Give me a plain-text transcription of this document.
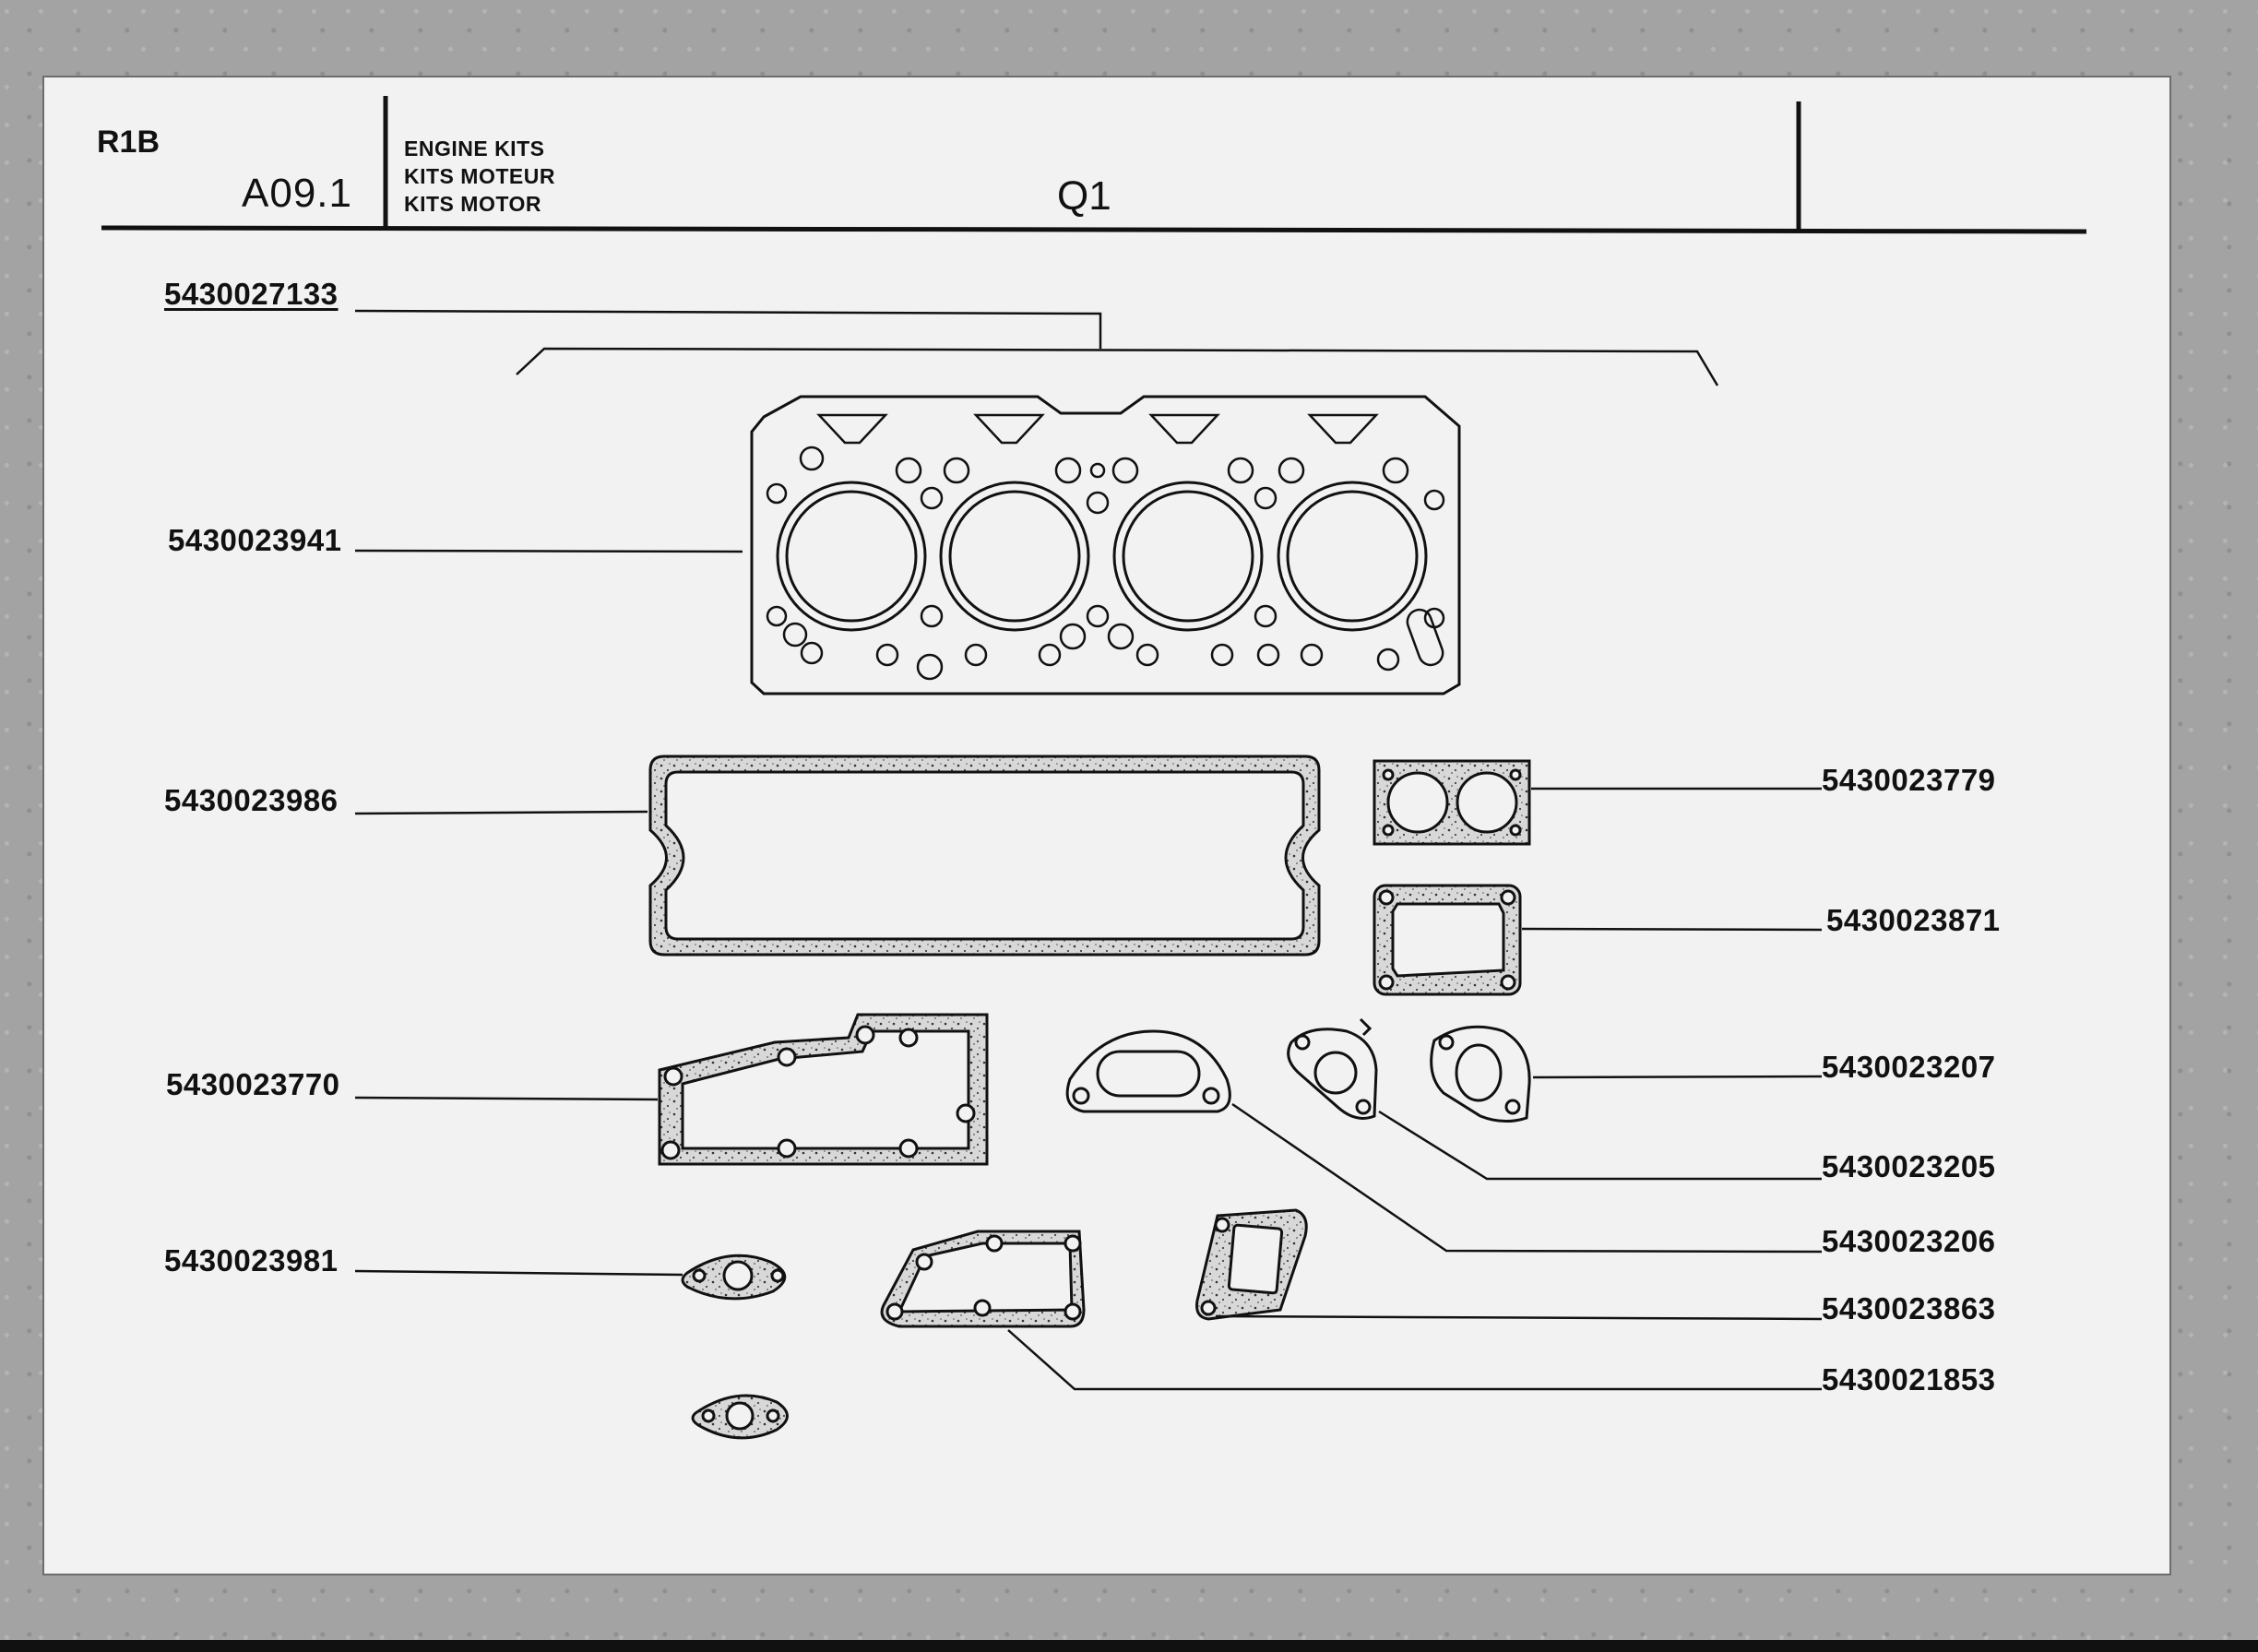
R1B
A09.1
ENGINE KITS
KITS MOTEUR
KITS MOTOR	Q1
5430027133
5430023941
5430023986
5430023779
5430023871
5430023770
5430023207
5430023205
5430023206
5430023981
5430023863
5430021853
